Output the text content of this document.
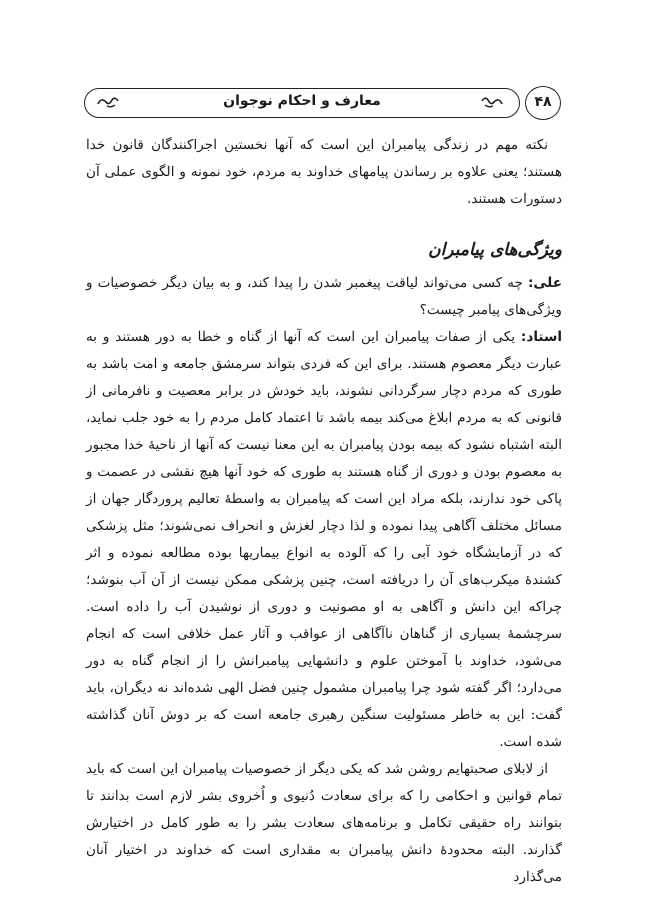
۴۸
معارف و احکام نوجوان

نکته مهم در زندگی پیامبران این است که آنها نخستین اجراکنندگان قانون خدا هستند؛ یعنی علاوه بر رساندن پیامهای خداوند به مردم، خود نمونه و الگوی عملی آن دستورات هستند.

ویژگی‌های پیامبران

علی: چه کسی می‌تواند لیاقت پیغمبر شدن را پیدا کند، و به بیان دیگر خصوصیات و ویژگی‌های پیامبر چیست؟

استاد: یکی از صفات پیامبران این است که آنها از گناه و خطا به دور هستند و به عبارت دیگر معصوم هستند. برای این که فردی بتواند سرمشق جامعه و امت باشد به طوری که مردم دچار سرگردانی نشوند، باید خودش در برابر معصیت و نافرمانی از قانونی که به مردم ابلاغ می‌کند بیمه باشد تا اعتماد کامل مردم را به خود جلب نماید، البته اشتباه نشود که بیمه بودن پیامبران به این معنا نیست که آنها از ناحیهٔ خدا مجبور به معصوم بودن و دوری از گناه هستند به طوری که خود آنها هیچ نقشی در عصمت و پاکی خود ندارند، بلکه مراد این است که پیامبران به واسطهٔ تعالیم پروردگار جهان از مسائل مختلف آگاهی پیدا نموده و لذا دچار لغزش و انحراف نمی‌شوند؛ مثل پزشکی که در آزمایشگاه خود آبی را که آلوده به انواع بیماریها بوده مطالعه نموده و اثر کشندهٔ میکرب‌های آن را دریافته است، چنین پزشکی ممکن نیست از آن آب بنوشد؛ چراکه این دانش و آگاهی به او مصونیت و دوری از نوشیدن آب را داده است. سرچشمهٔ بسیاری از گناهان ناآگاهی از عواقب و آثار عمل خلافی است که انجام می‌شود، خداوند با آموختن علوم و دانشهایی پیامبرانش را از انجام گناه به دور می‌دارد؛ اگر گفته شود چرا پیامبران مشمول چنین فضل الهی شده‌اند نه دیگران، باید گفت: این به خاطر مسئولیت سنگین رهبری جامعه است که بر دوش آنان گذاشته شده است.

از لابلای صحبتهایم روشن شد که یکی دیگر از خصوصیات پیامبران این است که باید تمام قوانین و احکامی را که برای سعادت دُنیوی و اُخروی بشر لازم است بدانند تا بتوانند راه حقیقی تکامل و برنامه‌های سعادت بشر را به طور کامل در اختیارش گذارند. البته محدودهٔ دانش پیامبران به مقداری است که خداوند در اختیار آنان می‌گذارد
